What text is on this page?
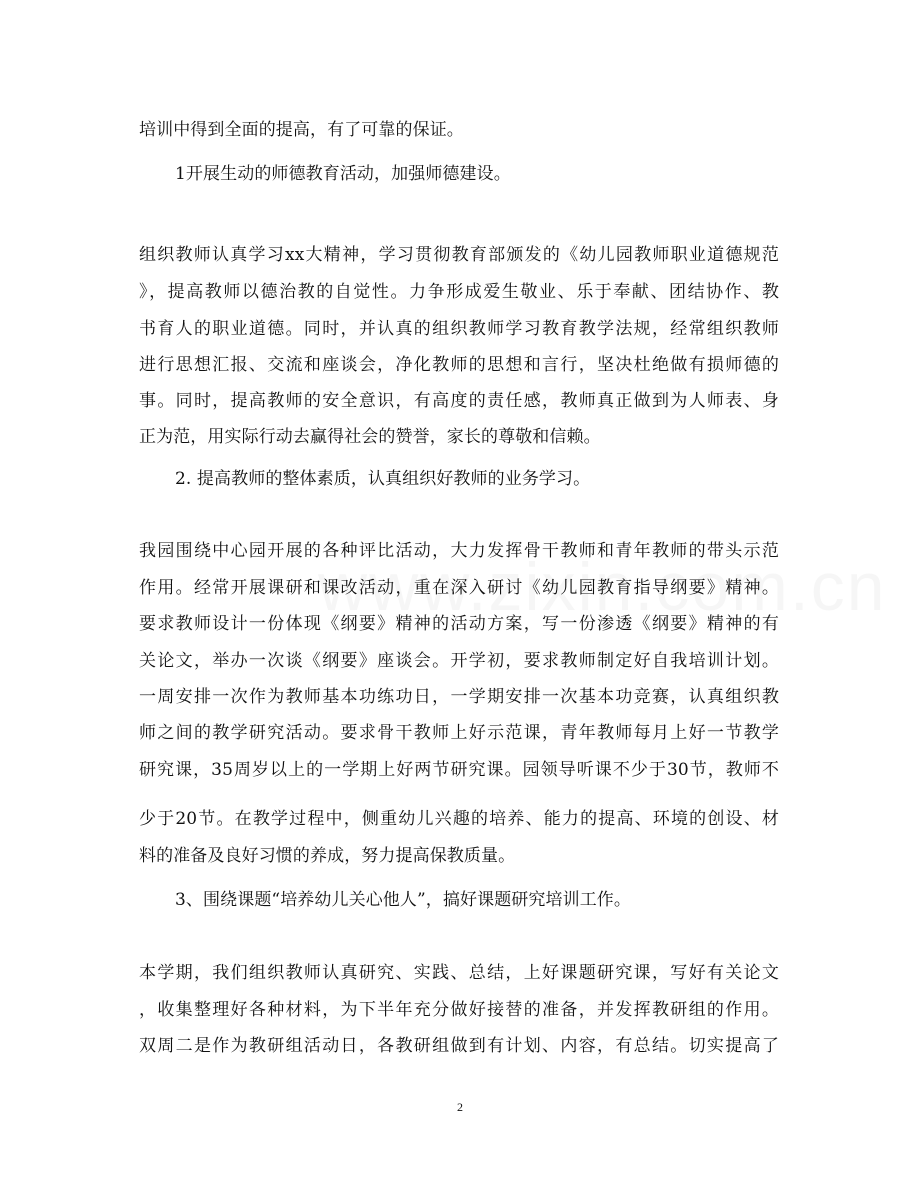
培训中得到全面的提高，有了可靠的保证。
1开展生动的师德教育活动，加强师德建设。
组织教师认真学习xx大精神，学习贯彻教育部颁发的《幼儿园教师职业道德规范
》，提高教师以德治教的自觉性。力争形成爱生敬业、乐于奉献、团结协作、教
书育人的职业道德。同时，并认真的组织教师学习教育教学法规，经常组织教师
进行思想汇报、交流和座谈会，净化教师的思想和言行，坚决杜绝做有损师德的
事。同时，提高教师的安全意识，有高度的责任感，教师真正做到为人师表、身
正为范，用实际行动去赢得社会的赞誉，家长的尊敬和信赖。
2. 提高教师的整体素质，认真组织好教师的业务学习。
我园围绕中心园开展的各种评比活动，大力发挥骨干教师和青年教师的带头示范
作用。经常开展课研和课改活动，重在深入研讨《幼儿园教育指导纲要》精神。
要求教师设计一份体现《纲要》精神的活动方案，写一份渗透《纲要》精神的有
关论文，举办一次谈《纲要》座谈会。开学初，要求教师制定好自我培训计划。
一周安排一次作为教师基本功练功日，一学期安排一次基本功竞赛，认真组织教
师之间的教学研究活动。要求骨干教师上好示范课，青年教师每月上好一节教学
研究课，35周岁以上的一学期上好两节研究课。园领导听课不少于30节，教师不
少于20节。在教学过程中，侧重幼儿兴趣的培养、能力的提高、环境的创设、材
料的准备及良好习惯的养成，努力提高保教质量。
3、围绕课题“培养幼儿关心他人”，搞好课题研究培训工作。
本学期，我们组织教师认真研究、实践、总结，上好课题研究课，写好有关论文
，收集整理好各种材料，为下半年充分做好接替的准备，并发挥教研组的作用。
双周二是作为教研组活动日，各教研组做到有计划、内容，有总结。切实提高了
2
